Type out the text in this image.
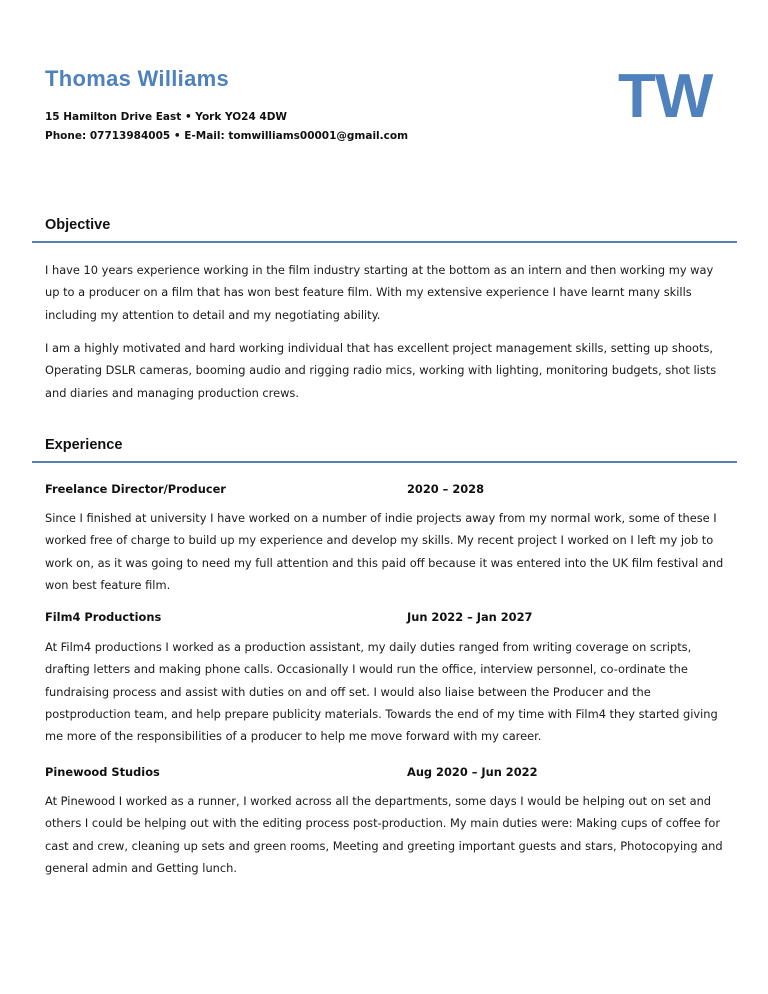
Thomas Williams
15 Hamilton Drive East • York YO24 4DW
Phone: 07713984005 • E-Mail: tomwilliams00001@gmail.com
TW
Objective
I have 10 years experience working in the film industry starting at the bottom as an intern and then working my way up to a producer on a film that has won best feature film. With my extensive experience I have learnt many skills including my attention to detail and my negotiating ability.
I am a highly motivated and hard working individual that has excellent project management skills, setting up shoots, Operating DSLR cameras, booming audio and rigging radio mics, working with lighting, monitoring budgets, shot lists and diaries and managing production crews.
Experience
Freelance Director/Producer	2020 – 2028
Since I finished at university I have worked on a number of indie projects away from my normal work, some of these I worked free of charge to build up my experience and develop my skills. My recent project I worked on I left my job to work on, as it was going to need my full attention and this paid off because it was entered into the UK film festival and won best feature film.
Film4 Productions	Jun 2022 – Jan 2027
At Film4 productions I worked as a production assistant, my daily duties ranged from writing coverage on scripts, drafting letters and making phone calls. Occasionally I would run the office, interview personnel, co-ordinate the fundraising process and assist with duties on and off set. I would also liaise between the Producer and the postproduction team, and help prepare publicity materials. Towards the end of my time with Film4 they started giving me more of the responsibilities of a producer to help me move forward with my career.
Pinewood Studios	Aug 2020 – Jun 2022
At Pinewood I worked as a runner, I worked across all the departments, some days I would be helping out on set and others I could be helping out with the editing process post-production. My main duties were: Making cups of coffee for cast and crew, cleaning up sets and green rooms, Meeting and greeting important guests and stars, Photocopying and general admin and Getting lunch.
